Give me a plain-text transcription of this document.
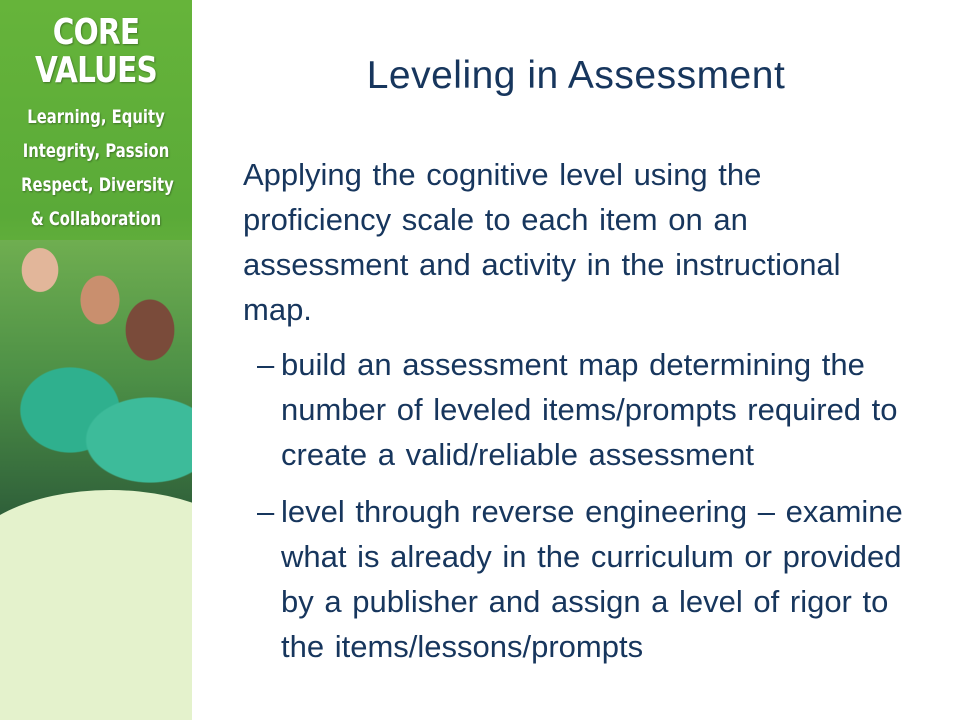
CORE
VALUES
Learning, Equity
Integrity, Passion
Respect, Diversity
& Collaboration
Leveling in Assessment

Applying the cognitive level using the proficiency scale to each item on an assessment and activity in the instructional map.

– build an assessment map determining the number of leveled items/prompts required to create a valid/reliable assessment
– level through reverse engineering – examine what is already in the curriculum or provided by a publisher and assign a level of rigor to the items/lessons/prompts
